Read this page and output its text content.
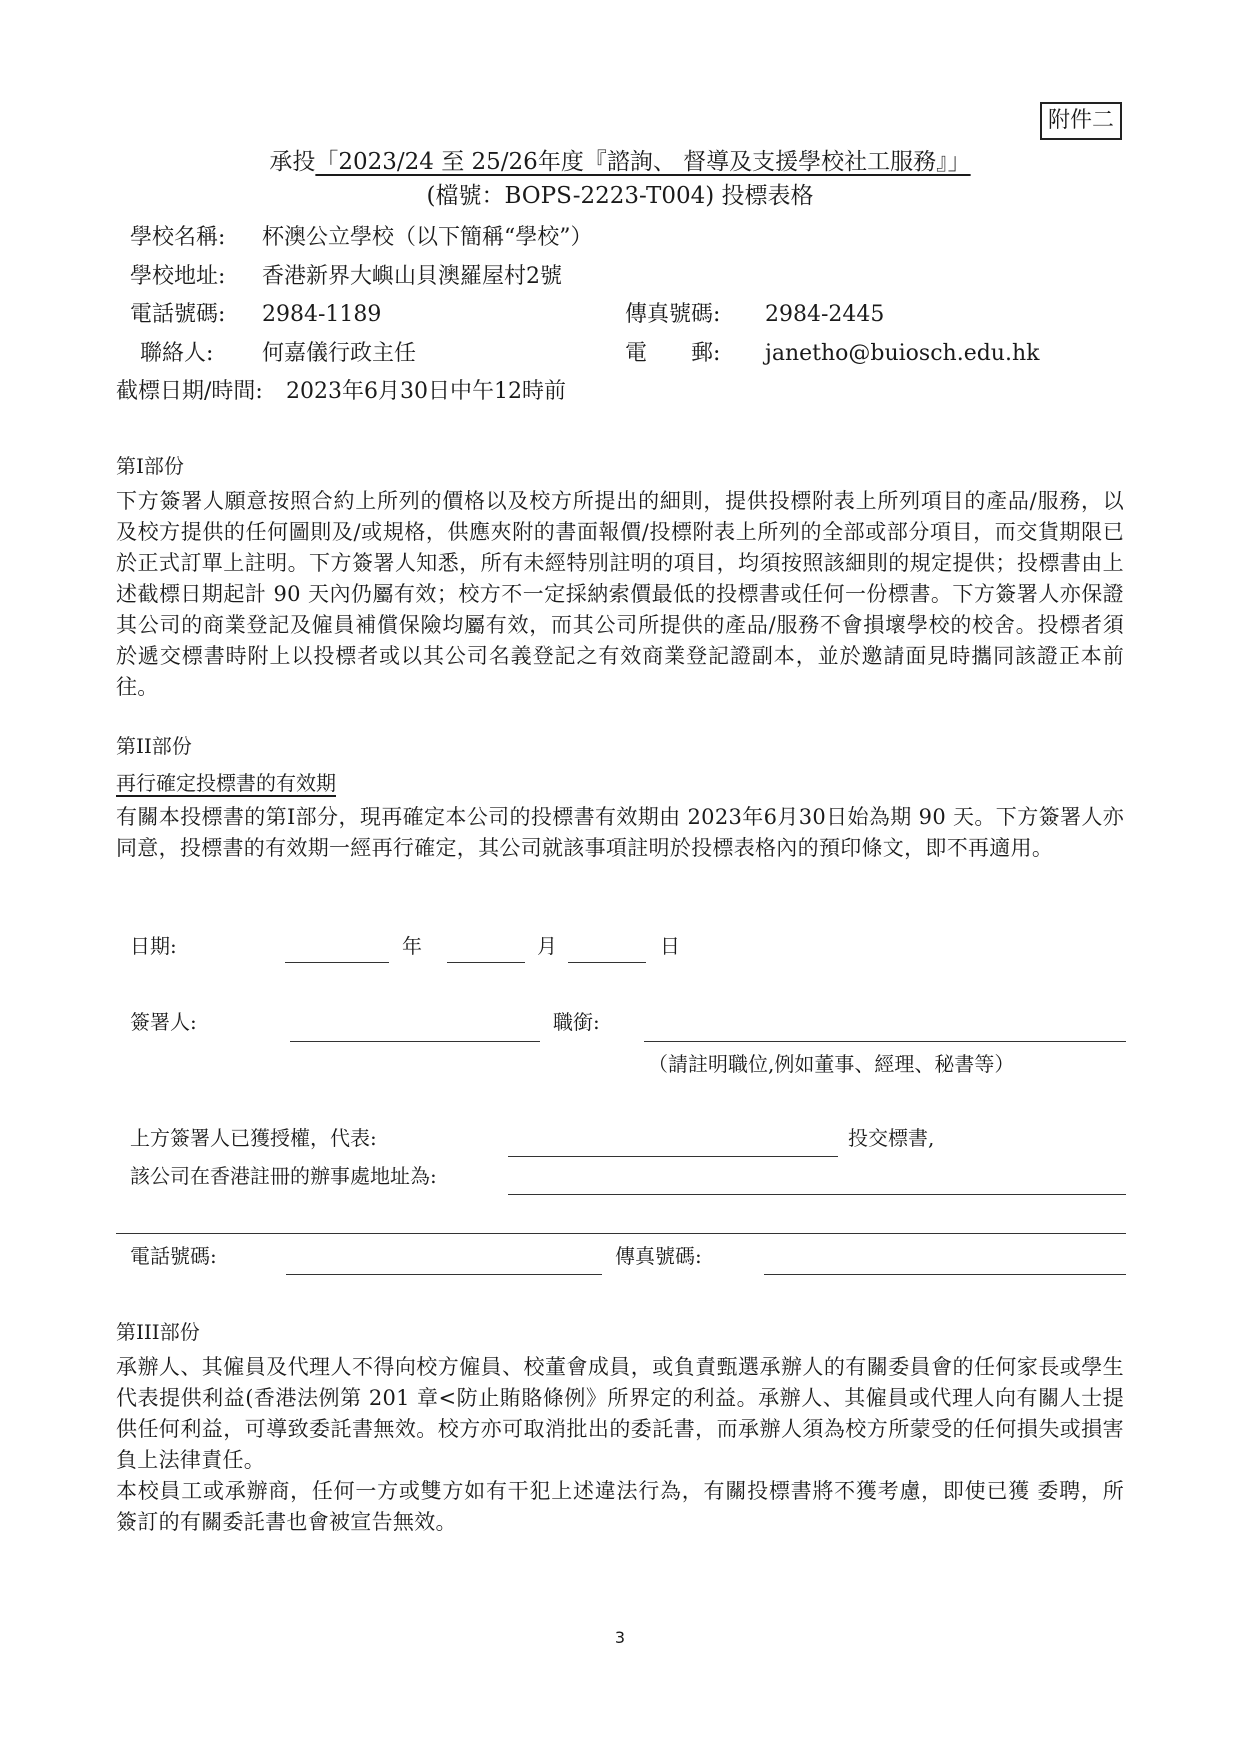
附件二
承投「2023/24 至 25/26年度『諮詢、 督導及支援學校社工服務』」
(檔號：BOPS-2223-T004) 投標表格
學校名稱: 杯澳公立學校（以下簡稱“學校”）
學校地址: 香港新界大嶼山貝澳羅屋村2號
電話號碼: 2984-1189	傳真號碼: 2984-2445
聯絡人: 何嘉儀行政主任	電　　郵: janetho@buiosch.edu.hk
截標日期/時間: 2023年6月30日中午12時前
第I部份
下方簽署人願意按照合約上所列的價格以及校方所提出的細則，提供投標附表上所列項目的產品/服務，以及校方提供的任何圖則及/或規格，供應夾附的書面報價/投標附表上所列的全部或部分項目，而交貨期限已於正式訂單上註明。下方簽署人知悉，所有未經特別註明的項目，均須按照該細則的規定提供；投標書由上述截標日期起計 90 天內仍屬有效；校方不一定採納索價最低的投標書或任何一份標書。下方簽署人亦保證其公司的商業登記及僱員補償保險均屬有效，而其公司所提供的產品/服務不會損壞學校的校舍。投標者須於遞交標書時附上以投標者或以其公司名義登記之有效商業登記證副本，並於邀請面見時攜同該證正本前往。
第II部份
再行確定投標書的有效期
有關本投標書的第I部分，現再確定本公司的投標書有效期由 2023年6月30日始為期 90 天。下方簽署人亦同意，投標書的有效期一經再行確定，其公司就該事項註明於投標表格內的預印條文，即不再適用。
日期:	年	月	日
簽署人:	職銜:
（請註明職位,例如董事、經理、秘書等）
上方簽署人已獲授權，代表:	投交標書,
該公司在香港註冊的辦事處地址為:
電話號碼:	傳真號碼:
第III部份
承辦人、其僱員及代理人不得向校方僱員、校董會成員，或負責甄選承辦人的有關委員會的任何家長或學生代表提供利益(香港法例第 201 章<防止賄賂條例》所界定的利益。承辦人、其僱員或代理人向有關人士提供任何利益，可導致委託書無效。校方亦可取消批出的委託書，而承辦人須為校方所蒙受的任何損失或損害負上法律責任。
本校員工或承辦商，任何一方或雙方如有干犯上述違法行為，有關投標書將不獲考慮，即使已獲 委聘，所簽訂的有關委託書也會被宣告無效。
3
